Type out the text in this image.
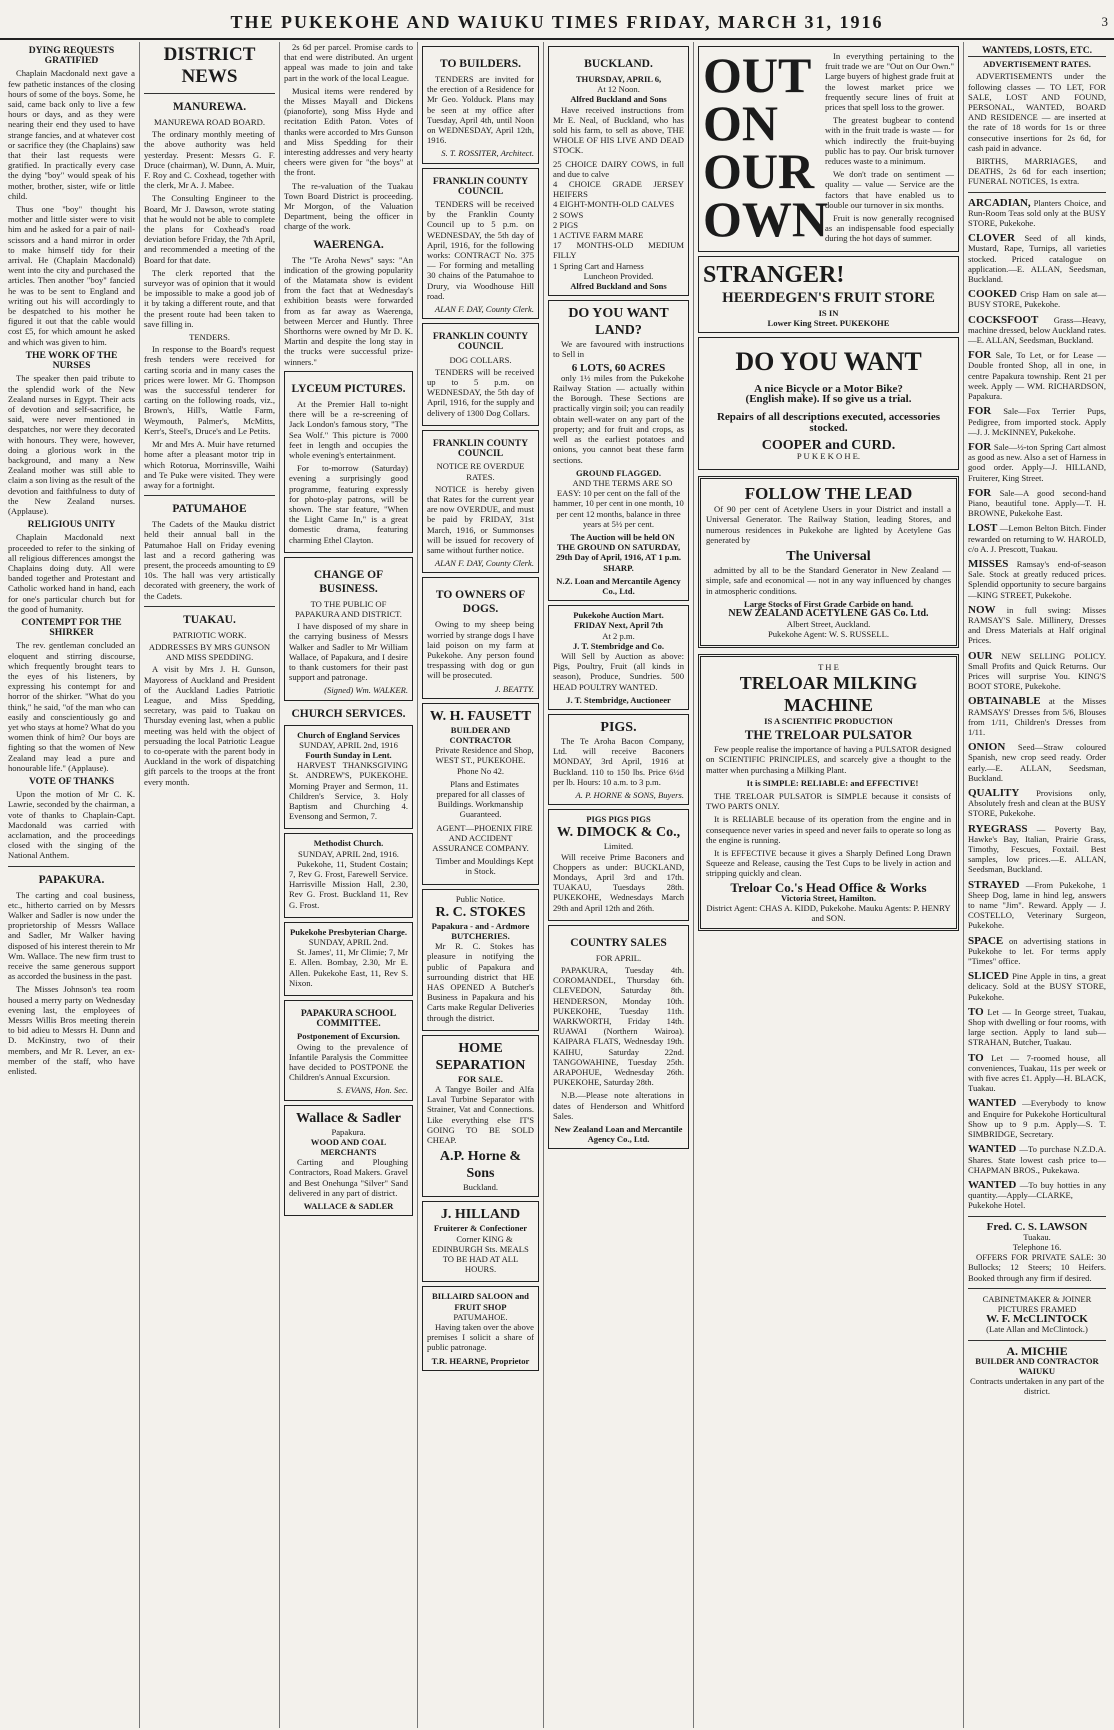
THE PUKEKOHE AND WAIUKU TIMES FRIDAY, MARCH 31, 1916	3
DYING REQUESTS GRATIFIED

Chaplain Macdonald next gave a few pathetic instances of the closing hours of some of the boys. Some, he said, came back only to live a few hours or days, and as they were nearing their end they used to have strange fancies, and at whatever cost or sacrifice they (the Chaplains) saw that their last requests were gratified. In practically every case the dying "boy" would speak of his mother, brother, sister, wife or little child.

Thus one "boy" thought his mother and little sister were to visit him and he asked for a pair of nail-scissors and a hand mirror in order to make himself tidy for their arrival. He (Chaplain Macdonald) went into the city and purchased the articles. Then another "boy" fancied he was to be sent to England and writing out his will accordingly to be despatched to his mother he figured it out that the cable would cost £5, for which amount he asked and which was given to him.

THE WORK OF THE NURSES

The speaker then paid tribute to the splendid work of the New Zealand nurses in Egypt. Their acts of devotion and self-sacrifice, he said, were never mentioned in despatches, nor were they decorated with honours. They were, however, doing a glorious work in the background, and many a New Zealand mother was still able to claim a son living as the result of the devotion and faithfulness to duty of the New Zealand nurses. (Applause).

RELIGIOUS UNITY

Chaplain Macdonald next proceeded to refer to the sinking of all religious differences amongst the Chaplains doing duty. All were banded together and Protestant and Catholic worked hand in hand, each for one's particular church but for the good of humanity.

CONTEMPT FOR THE SHIRKER

The rev. gentleman concluded an eloquent and stirring discourse, which frequently brought tears to the eyes of his listeners, by expressing his contempt for and horror of the shirker. "What do you think," he said, "of the man who can easily and conscientiously go and yet who stays at home? What do you women think of him? Our boys are fighting so that the women of New Zealand may lead a pure and honourable life." (Applause).

VOTE OF THANKS

Upon the motion of Mr C. K. Lawrie, seconded by the chairman, a vote of thanks to Chaplain-Capt. Macdonald was carried with acclamation, and the proceedings closed with the singing of the National Anthem.

PAPAKURA.

The carting and coal business, etc., hitherto carried on by Messrs Walker and Sadler is now under the proprietorship of Messrs Wallace and Sadler, Mr Walker having disposed of his interest therein to Mr Wm. Wallace. The new firm trust to receive the same generous support as accorded the business in the past.

The Misses Johnson's tea room housed a merry party on Wednesday evening last, the employees of Messrs Willis Bros meeting therein to bid adieu to Messrs H. Dunn and D. McKinstry, two of their members, and Mr R. Lever, an ex-member of the staff, who have enlisted.

DISTRICT NEWS
MANUREWA.
MANUREWA ROAD BOARD.

The ordinary monthly meeting of the above authority was held yesterday. Present: Messrs G. F. Druce (chairman), W. Dunn, A. Muir, F. Roy and C. Coxhead, together with the clerk, Mr A. J. Mabee.

The Consulting Engineer to the Board, Mr J. Dawson, wrote stating that he would not be able to complete the plans for Coxhead's road deviation before Friday, the 7th April, and recommended a meeting of the Board for that date.

The clerk reported that the surveyor was of opinion that it would be impossible to make a good job of it by taking a different route, and that the present route had been taken to save filling in.

TENDERS.

In response to the Board's request fresh tenders were received for carting scoria and in many cases the prices were lower. Mr G. Thompson was the successful tenderer for carting on the following roads, viz., Brown's, Hill's, Wattle Farm, Weymouth, Palmer's, McMitts, Kerr's, Steel's, Druce's and Le Petits.

Mr and Mrs A. Muir have returned home after a pleasant motor trip in which Rotorua, Morrinsville, Waihi and Te Puke were visited. They were away for a fortnight.

PATUMAHOE

The Cadets of the Mauku district held their annual ball in the Patumahoe Hall on Friday evening last and a record gathering was present, the proceeds amounting to £9 10s. The hall was very artistically decorated with greenery, the work of the Cadets.

TUAKAU.
PATRIOTIC WORK.
ADDRESSES BY MRS GUNSON AND MISS SPEDDING.

A visit by Mrs J. H. Gunson, Mayoress of Auckland and President of the Auckland Ladies Patriotic League, and Miss Spedding, secretary, was paid to Tuakau on Thursday evening last, when a public meeting was held with the object of persuading the local Patriotic League to co-operate with the parent body in Auckland in the work of dispatching gift parcels to the troops at the front every month.

2s 6d per parcel. Promise cards to that end were distributed. An urgent appeal was made to join and take part in the work of the local League.

Musical items were rendered by the Misses Mayall and Dickens (pianoforte), song Miss Hyde and recitation Edith Paton. Votes of thanks were accorded to Mrs Gunson and Miss Spedding for their interesting addresses and very hearty cheers were given for "the boys" at the front.

The re-valuation of the Tuakau Town Board District is proceeding. Mr Morgon, of the Valuation Department, being the officer in charge of the work.

WAERENGA.

The "Te Aroha News" says: "An indication of the growing popularity of the Matamata show is evident from the fact that at Wednesday's exhibition beasts were forwarded from as far away as Waerenga, between Mercer and Huntly. Three Shorthorns were owned by Mr D. K. Martin and despite the long stay in the trucks were successful prize-winners."

LYCEUM PICTURES.

At the Premier Hall to-night there will be a re-screening of Jack London's famous story, "The Sea Wolf." This picture is 7000 feet in length and occupies the whole evening's entertainment.

For to-morrow (Saturday) evening a surprisingly good programme, featuring expressly for photo-play patrons, will be shown. The star feature, "When the Light Came In," is a great domestic drama, featuring charming Ethel Clayton.

CHANGE OF BUSINESS.
TO THE PUBLIC OF PAPAKURA AND DISTRICT.

I have disposed of my share in the carrying business of Messrs Walker and Sadler to Mr William Wallace, of Papakura, and I desire to thank customers for their past support and patronage.

(Signed) Wm. WALKER.
CHURCH SERVICES.
Church of England Services
SUNDAY, APRIL 2nd, 1916
Fourth Sunday in Lent.

HARVEST THANKSGIVING St. ANDREW'S, PUKEKOHE. Morning Prayer and Sermon, 11. Children's Service, 3. Holy Baptism and Churching 4. Evensong and Sermon, 7.

Methodist Church.
SUNDAY, APRIL 2nd, 1916.

Pukekohe, 11, Student Costain; 7, Rev G. Frost, Farewell Service. Harrisville Mission Hall, 2.30, Rev G. Frost. Buckland 11, Rev G. Frost.

Pukekohe Presbyterian Charge.
SUNDAY, APRIL 2nd.

St. James', 11, Mr Climie; 7, Mr E. Allen. Bombay, 2.30, Mr E. Allen. Pukekohe East, 11, Rev S. Nixon.

PAPAKURA SCHOOL COMMITTEE.
Postponement of Excursion.

Owing to the prevalence of Infantile Paralysis the Committee have decided to POSTPONE the Children's Annual Excursion.

S. EVANS, Hon. Sec.
Wallace & Sadler
Papakura.
WOOD AND COAL MERCHANTS

Carting and Ploughing Contractors, Road Makers. Gravel and Best Onehunga "Silver" Sand delivered in any part of district.

WALLACE & SADLER
TO BUILDERS.

TENDERS are invited for the erection of a Residence for Mr Geo. Yolduck. Plans may be seen at my office after Tuesday, April 4th, until Noon on WEDNESDAY, April 12th, 1916.

S. T. ROSSITER, Architect.
FRANKLIN COUNTY COUNCIL

TENDERS will be received by the Franklin County Council up to 5 p.m. on WEDNESDAY, the 5th day of April, 1916, for the following works: CONTRACT No. 375 — For forming and metalling 30 chains of the Patumahoe to Drury, via Woodhouse Hill road.

ALAN F. DAY, County Clerk.
FRANKLIN COUNTY COUNCIL
DOG COLLARS.

TENDERS will be received up to 5 p.m. on WEDNESDAY, the 5th day of April, 1916, for the supply and delivery of 1300 Dog Collars.

FRANKLIN COUNTY COUNCIL
NOTICE RE OVERDUE RATES.

NOTICE is hereby given that Rates for the current year are now OVERDUE, and must be paid by FRIDAY, 31st March, 1916, or Summonses will be issued for recovery of same without further notice.

ALAN F. DAY, County Clerk.
TO OWNERS OF DOGS.

Owing to my sheep being worried by strange dogs I have laid poison on my farm at Pukekohe. Any person found trespassing with dog or gun will be prosecuted.

J. BEATTY.
W. H. FAUSETT
BUILDER AND CONTRACTOR

Private Residence and Shop, WEST ST., PUKEKOHE. Phone No 42.

Plans and Estimates prepared for all classes of Buildings. Workmanship Guaranteed.

AGENT—PHOENIX FIRE AND ACCIDENT ASSURANCE COMPANY.

Timber and Mouldings Kept in Stock.

Public Notice.
R. C. STOKES
Papakura - and - Ardmore BUTCHERIES.

Mr R. C. Stokes has pleasure in notifying the public of Papakura and surrounding district that HE HAS OPENED A Butcher's Business in Papakura and his Carts make Regular Deliveries through the district.

HOME SEPARATION
FOR SALE.

A Tangye Boiler and Alfa Laval Turbine Separator with Strainer, Vat and Connections. Like everything else IT'S GOING TO BE SOLD CHEAP.

A.P. Horne & Sons
Buckland.
J. HILLAND
Fruiterer & Confectioner

Corner KING & EDINBURGH Sts. MEALS TO BE HAD AT ALL HOURS.

BILLAIRD SALOON and FRUIT SHOP
PATUMAHOE.

Having taken over the above premises I solicit a share of public patronage.

T.R. HEARNE, Proprietor
BUCKLAND.
THURSDAY, APRIL 6,
At 12 Noon.
Alfred Buckland and Sons

Have received instructions from Mr E. Neal, of Buckland, who has sold his farm, to sell as above, THE WHOLE OF HIS LIVE AND DEAD STOCK.

25 CHOICE DAIRY COWS, in full and due to calve
4 CHOICE GRADE JERSEY HEIFERS
4 EIGHT-MONTH-OLD CALVES
2 SOWS
2 PIGS
1 ACTIVE FARM MARE
17 MONTHS-OLD MEDIUM FILLY
1 Spring Cart and Harness
Luncheon Provided.
Alfred Buckland and Sons
DO YOU WANT LAND?

We are favoured with instructions to Sell in

6 LOTS, 60 ACRES

only 1½ miles from the Pukekohe Railway Station — actually within the Borough. These Sections are practically virgin soil; you can readily obtain well-water on any part of the property; and for fruit and crops, as well as the earliest potatoes and onions, you cannot beat these farm sections.

GROUND FLAGGED.

AND THE TERMS ARE SO EASY: 10 per cent on the fall of the hammer, 10 per cent in one month, 10 per cent 12 months, balance in three years at 5½ per cent.

The Auction will be held ON THE GROUND ON SATURDAY, 29th Day of April, 1916, AT 1 p.m. SHARP.

N.Z. Loan and Mercantile Agency Co., Ltd.
Pukekohe Auction Mart.
FRIDAY Next, April 7th
At 2 p.m.
J. T. Stembridge and Co.

Will Sell by Auction as above: Pigs, Poultry, Fruit (all kinds in season), Produce, Sundries. 500 HEAD POULTRY WANTED.

J. T. Stembridge, Auctioneer
PIGS.

The Te Aroha Bacon Company, Ltd. will receive Baconers MONDAY, 3rd April, 1916 at Buckland. 110 to 150 lbs. Price 6½d per lb. Hours: 10 a.m. to 3 p.m.

A. P. HORNE & SONS, Buyers.
PIGS PIGS PIGS
W. DIMOCK & Co.,
Limited.

Will receive Prime Baconers and Choppers as under: BUCKLAND, Mondays, April 3rd and 17th. TUAKAU, Tuesdays 28th. PUKEKOHE, Wednesdays March 29th and April 12th and 26th.

COUNTRY SALES
FOR APRIL.

PAPAKURA, Tuesday 4th. COROMANDEL, Thursday 6th. CLEVEDON, Saturday 8th. HENDERSON, Monday 10th. PUKEKOHE, Tuesday 11th. WARKWORTH, Friday 14th. RUAWAI (Northern Wairoa). KAIPARA FLATS, Wednesday 19th. KAIHU, Saturday 22nd. TANGOWAHINE, Tuesday 25th. ARAPOHUE, Wednesday 26th. PUKEKOHE, Saturday 28th.

N.B.—Please note alterations in dates of Henderson and Whitford Sales.

New Zealand Loan and Mercantile Agency Co., Ltd.
OUT ON OUR OWN

In everything pertaining to the fruit trade we are "Out on Our Own." Large buyers of highest grade fruit at the lowest market price we frequently secure lines of fruit at prices that spell loss to the grower.

The greatest bugbear to contend with in the fruit trade is waste — for which indirectly the fruit-buying public has to pay. Our brisk turnover reduces waste to a minimum.

We don't trade on sentiment — quality — value — Service are the factors that have enabled us to double our turnover in six months.

Fruit is now generally recognised as an indispensable food especially during the hot days of summer.

STRANGER!
HEERDEGEN'S FRUIT STORE
IS IN
Lower King Street. PUKEKOHE
DO YOU WANT
A nice Bicycle or a Motor Bike?
(English make). If so give us a trial.
Repairs of all descriptions executed, accessories stocked.
COOPER and CURD.
P U K E K O H E.
FOLLOW THE LEAD

Of 90 per cent of Acetylene Users in your District and install a Universal Generator. The Railway Station, leading Stores, and numerous residences in Pukekohe are lighted by Acetylene Gas generated by

The Universal

admitted by all to be the Standard Generator in New Zealand — simple, safe and economical — not in any way influenced by changes in atmospheric conditions.

Large Stocks of First Grade Carbide on hand.
NEW ZEALAND ACETYLENE GAS Co. Ltd.
Albert Street, Auckland.
Pukekohe Agent: W. S. RUSSELL.
T H E
TRELOAR MILKING MACHINE
IS A SCIENTIFIC PRODUCTION
THE TRELOAR PULSATOR

Few people realise the importance of having a PULSATOR designed on SCIENTIFIC PRINCIPLES, and scarcely give a thought to the matter when purchasing a Milking Plant.

It is SIMPLE: RELIABLE: and EFFECTIVE!

THE TRELOAR PULSATOR is SIMPLE because it consists of TWO PARTS ONLY.

It is RELIABLE because of its operation from the engine and in consequence never varies in speed and never fails to operate so long as the engine is running.

It is EFFECTIVE because it gives a Sharply Defined Long Drawn Squeeze and Release, causing the Test Cups to be lively in action and stripping quickly and clean.

Treloar Co.'s Head Office & Works
Victoria Street, Hamilton.
District Agent: CHAS A. KIDD, Pukekohe. Mauku Agents: P. HENRY and SON.
WANTEDS, LOSTS, ETC.
ADVERTISEMENT RATES.

ADVERTISEMENTS under the following classes — TO LET, FOR SALE, LOST AND FOUND, PERSONAL, WANTED, BOARD AND RESIDENCE — are inserted at the rate of 18 words for 1s or three consecutive insertions for 2s 6d, for cash paid in advance.

BIRTHS, MARRIAGES, and DEATHS, 2s 6d for each insertion; FUNERAL NOTICES, 1s extra.

ARCADIAN, Planters Choice, and Run-Room Teas sold only at the BUSY STORE, Pukekohe.

CLOVER Seed of all kinds, Mustard, Rape, Turnips, all varieties stocked. Priced catalogue on application.—E. ALLAN, Seedsman, Buckland.

COOKED Crisp Ham on sale at—BUSY STORE, Pukekohe.

COCKSFOOT Grass—Heavy, machine dressed, below Auckland rates.—E. ALLAN, Seedsman, Buckland.

FOR Sale, To Let, or for Lease — Double fronted Shop, all in one, in centre Papakura township. Rent 21 per week. Apply — WM. RICHARDSON, Papakura.

FOR Sale—Fox Terrier Pups, Pedigree, from imported stock. Apply—J. J. McKINNEY, Pukekohe.

FOR Sale—½-ton Spring Cart almost as good as new. Also a set of Harness in good order. Apply—J. HILLAND, Fruiterer, King Street.

FOR Sale—A good second-hand Piano, beautiful tone. Apply—T. H. BROWNE, Pukekohe East.

LOST —Lemon Belton Bitch. Finder rewarded on returning to W. HAROLD, c/o A. J. Prescott, Tuakau.

MISSES Ramsay's end-of-season Sale. Stock at greatly reduced prices. Splendid opportunity to secure bargains—KING STREET, Pukekohe.

NOW in full swing: Misses RAMSAY'S Sale. Millinery, Dresses and Dress Materials at Half original Prices.

OUR NEW SELLING POLICY. Small Profits and Quick Returns. Our Prices will surprise You. KING'S BOOT STORE, Pukekohe.

OBTAINABLE at the Misses RAMSAYS' Dresses from 5/6, Blouses from 1/11, Children's Dresses from 1/11.

ONION Seed—Straw coloured Spanish, new crop seed ready. Order early.—E. ALLAN, Seedsman, Buckland.

QUALITY Provisions only, Absolutely fresh and clean at the BUSY STORE, Pukekohe.

RYEGRASS — Poverty Bay, Hawke's Bay, Italian, Prairie Grass, Timothy, Fescues, Foxtail. Best samples, low prices.—E. ALLAN, Seedsman, Buckland.

STRAYED —From Pukekohe, 1 Sheep Dog, lame in hind leg, answers to name "Jim". Reward. Apply — J. COSTELLO, Veterinary Surgeon, Pukekohe.

SPACE on advertising stations in Pukekohe to let. For terms apply "Times" office.

SLICED Pine Apple in tins, a great delicacy. Sold at the BUSY STORE, Pukekohe.

TO Let — In George street, Tuakau, Shop with dwelling or four rooms, with large section. Apply to land sub—STRAHAN, Butcher, Tuakau.

TO Let — 7-roomed house, all conveniences, Tuakau, 11s per week or with five acres £1. Apply—H. BLACK, Tuakau.

WANTED —Everybody to know and Enquire for Pukekohe Horticultural Show up to 9 p.m. Apply—S. T. SIMBRIDGE, Secretary.

WANTED —To purchase N.Z.D.A. Shares. State lowest cash price to—CHAPMAN BROS., Pukekawa.

WANTED —To buy hotties in any quantity.—Apply—CLARKE, Pukekohe Hotel.

Fred. C. S. LAWSON
Tuakau.
Telephone 16.

OFFERS FOR PRIVATE SALE: 30 Bullocks; 12 Steers; 10 Heifers. Booked through any firm if desired.

CABINETMAKER & JOINER PICTURES FRAMED
W. F. McCLINTOCK
(Late Allan and McClintock.)
A. MICHIE
BUILDER AND CONTRACTOR
WAIUKU
Contracts undertaken in any part of the district.
